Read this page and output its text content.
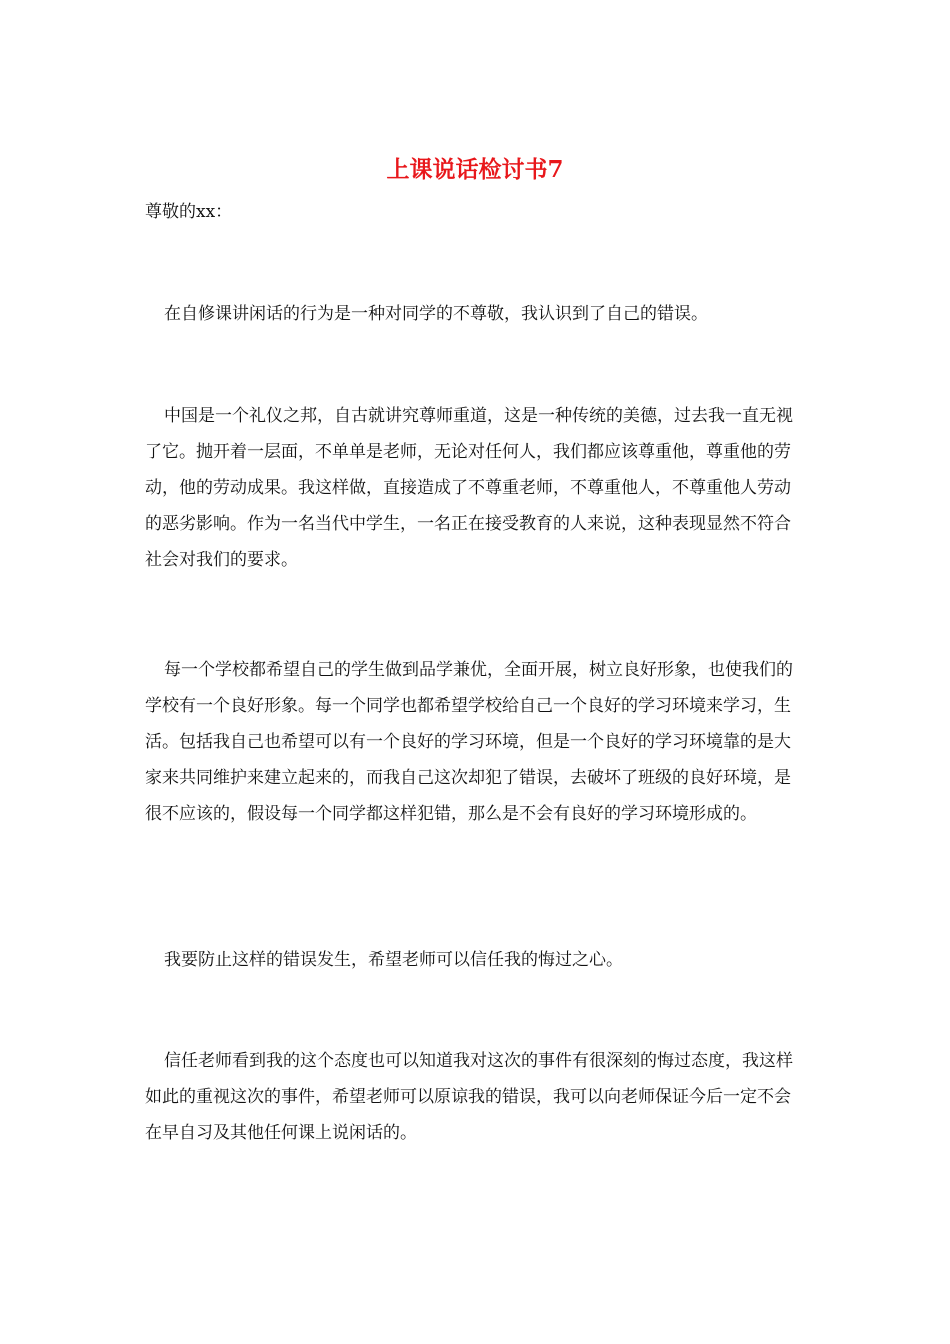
上课说话检讨书7

尊敬的xx：

在自修课讲闲话的行为是一种对同学的不尊敬，我认识到了自己的错误。

中国是一个礼仪之邦，自古就讲究尊师重道，这是一种传统的美德，过去我一直无视了它。抛开着一层面，不单单是老师，无论对任何人，我们都应该尊重他，尊重他的劳动，他的劳动成果。我这样做，直接造成了不尊重老师，不尊重他人，不尊重他人劳动的恶劣影响。作为一名当代中学生，一名正在接受教育的人来说，这种表现显然不符合社会对我们的要求。

每一个学校都希望自己的学生做到品学兼优，全面开展，树立良好形象，也使我们的学校有一个良好形象。每一个同学也都希望学校给自己一个良好的学习环境来学习，生活。包括我自己也希望可以有一个良好的学习环境，但是一个良好的学习环境靠的是大家来共同维护来建立起来的，而我自己这次却犯了错误，去破坏了班级的良好环境，是很不应该的，假设每一个同学都这样犯错，那么是不会有良好的学习环境形成的。

我要防止这样的错误发生，希望老师可以信任我的悔过之心。

信任老师看到我的这个态度也可以知道我对这次的事件有很深刻的悔过态度，我这样如此的重视这次的事件，希望老师可以原谅我的错误，我可以向老师保证今后一定不会在早自习及其他任何课上说闲话的。
